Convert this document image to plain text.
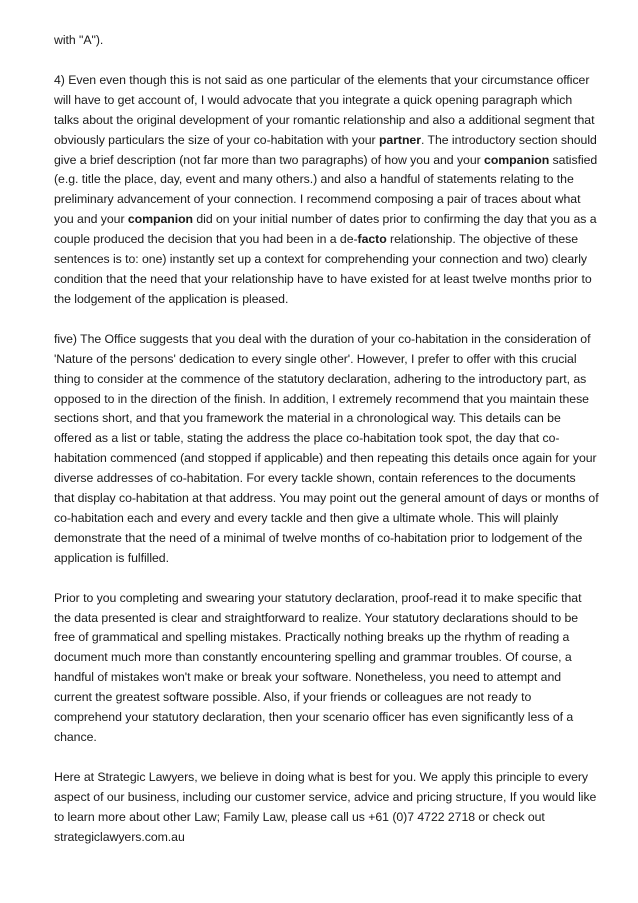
with "A").

4) Even even though this is not said as one particular of the elements that your circumstance officer will have to get account of, I would advocate that you integrate a quick opening paragraph which talks about the original development of your romantic relationship and also a additional segment that obviously particulars the size of your co-habitation with your partner. The introductory section should give a brief description (not far more than two paragraphs) of how you and your companion satisfied (e.g. title the place, day, event and many others.) and also a handful of statements relating to the preliminary advancement of your connection. I recommend composing a pair of traces about what you and your companion did on your initial number of dates prior to confirming the day that you as a couple produced the decision that you had been in a de-facto relationship. The objective of these sentences is to: one) instantly set up a context for comprehending your connection and two) clearly condition that the need that your relationship have to have existed for at least twelve months prior to the lodgement of the application is pleased.

five) The Office suggests that you deal with the duration of your co-habitation in the consideration of 'Nature of the persons' dedication to every single other'. However, I prefer to offer with this crucial thing to consider at the commence of the statutory declaration, adhering to the introductory part, as opposed to in the direction of the finish. In addition, I extremely recommend that you maintain these sections short, and that you framework the material in a chronological way. This details can be offered as a list or table, stating the address the place co-habitation took spot, the day that co-habitation commenced (and stopped if applicable) and then repeating this details once again for your diverse addresses of co-habitation. For every tackle shown, contain references to the documents that display co-habitation at that address. You may point out the general amount of days or months of co-habitation each and every and every tackle and then give a ultimate whole. This will plainly demonstrate that the need of a minimal of twelve months of co-habitation prior to lodgement of the application is fulfilled.

Prior to you completing and swearing your statutory declaration, proof-read it to make specific that the data presented is clear and straightforward to realize. Your statutory declarations should to be free of grammatical and spelling mistakes. Practically nothing breaks up the rhythm of reading a document much more than constantly encountering spelling and grammar troubles. Of course, a handful of mistakes won't make or break your software. Nonetheless, you need to attempt and current the greatest software possible. Also, if your friends or colleagues are not ready to comprehend your statutory declaration, then your scenario officer has even significantly less of a chance.

Here at Strategic Lawyers, we believe in doing what is best for you. We apply this principle to every aspect of our business, including our customer service, advice and pricing structure, If you would like to learn more about other Law; Family Law, please call us +61 (0)7 4722 2718 or check out strategiclawyers.com.au
